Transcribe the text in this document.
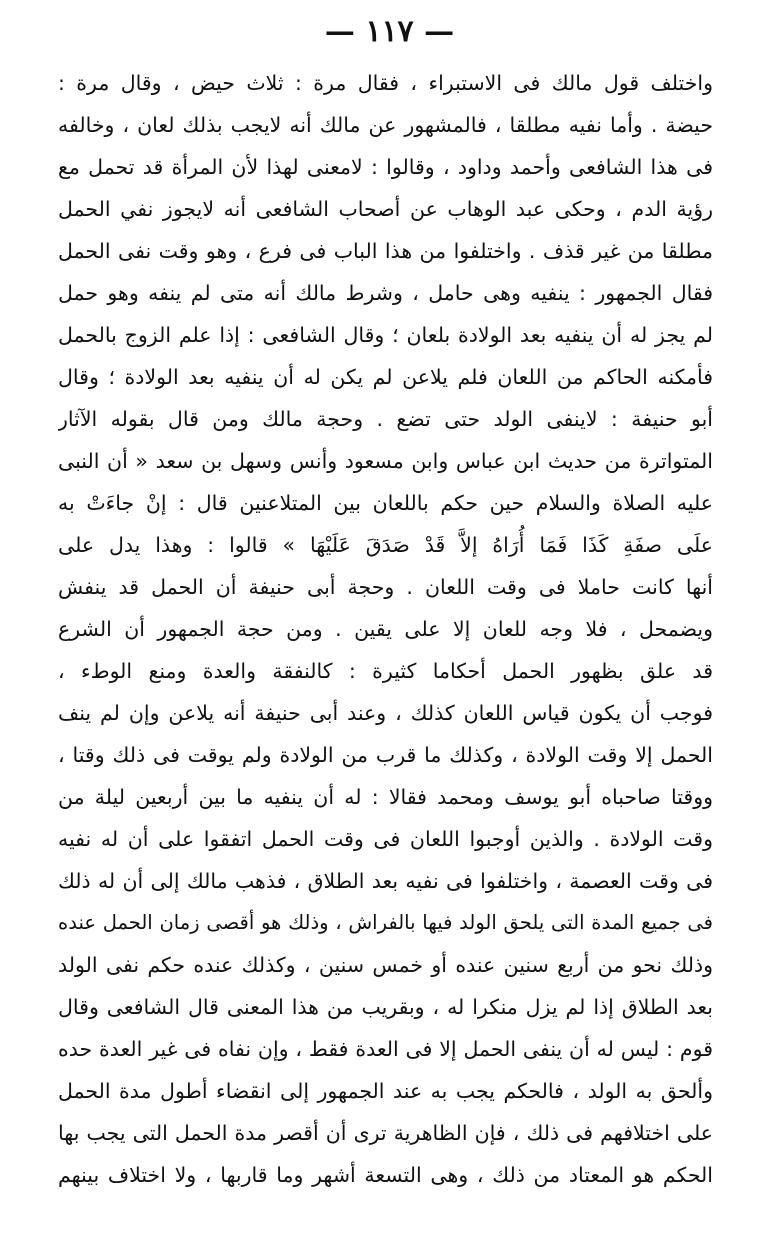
— ١١٧ —
واختلف قول مالك فى الاستبراء ، فقال مرة : ثلاث حيض ، وقال مرة :
حيضة . وأما نفيه مطلقا ، فالمشهور عن مالك أنه لايجب بذلك لعان ، وخالفه
فى هذا الشافعى وأحمد وداود ، وقالوا : لامعنى لهذا لأن المرأة قد تحمل مع
رؤية الدم ، وحكى عبد الوهاب عن أصحاب الشافعى أنه لايجوز نفي الحمل
مطلقا من غير قذف . واختلفوا من هذا الباب فى فرع ، وهو وقت نفى الحمل
فقال الجمهور : ينفيه وهى حامل ، وشرط مالك أنه متى لم ينفه وهو حمل
لم يجز له أن ينفيه بعد الولادة بلعان ؛ وقال الشافعى : إذا علم الزوج بالحمل
فأمكنه الحاكم من اللعان فلم يلاعن لم يكن له أن ينفيه بعد الولادة ؛ وقال
أبو حنيفة : لاينفى الولد حتى تضع . وحجة مالك ومن قال بقوله الآثار
المتواترة من حديث ابن عباس وابن مسعود وأنس وسهل بن سعد « أن النبى
عليه الصلاة والسلام حين حكم باللعان بين المتلاعنين قال : إنْ جاءَتْ به
علَى صفَةِ كَذَا فَمَا أُرَاهُ إلاَّ قَدْ صَدَقَ عَلَيْهَا » قالوا : وهذا يدل على
أنها كانت حاملا فى وقت اللعان . وحجة أبى حنيفة أن الحمل قد ينفش
ويضمحل ، فلا وجه للعان إلا على يقين . ومن حجة الجمهور أن الشرع
قد علق بظهور الحمل أحكاما كثيرة : كالنفقة والعدة ومنع الوطء ،
فوجب أن يكون قياس اللعان كذلك ، وعند أبى حنيفة أنه يلاعن وإن لم ينف
الحمل إلا وقت الولادة ، وكذلك ما قرب من الولادة ولم يوقت فى ذلك وقتا ،
ووقتا صاحباه أبو يوسف ومحمد فقالا : له أن ينفيه ما بين أربعين ليلة من
وقت الولادة . والذين أوجبوا اللعان فى وقت الحمل اتفقوا على أن له نفيه
فى وقت العصمة ، واختلفوا فى نفيه بعد الطلاق ، فذهب مالك إلى أن له ذلك
فى جميع المدة التى يلحق الولد فيها بالفراش ، وذلك هو أقصى زمان الحمل عنده
وذلك نحو من أربع سنين عنده أو خمس سنين ، وكذلك عنده حكم نفى الولد
بعد الطلاق إذا لم يزل منكرا له ، وبقريب من هذا المعنى قال الشافعى وقال
قوم : ليس له أن ينفى الحمل إلا فى العدة فقط ، وإن نفاه فى غير العدة حده
وألحق به الولد ، فالحكم يجب به عند الجمهور إلى انقضاء أطول مدة الحمل
على اختلافهم فى ذلك ، فإن الظاهرية ترى أن أقصر مدة الحمل التى يجب بها
الحكم هو المعتاد من ذلك ، وهى التسعة أشهر وما قاربها ، ولا اختلاف بينهم
